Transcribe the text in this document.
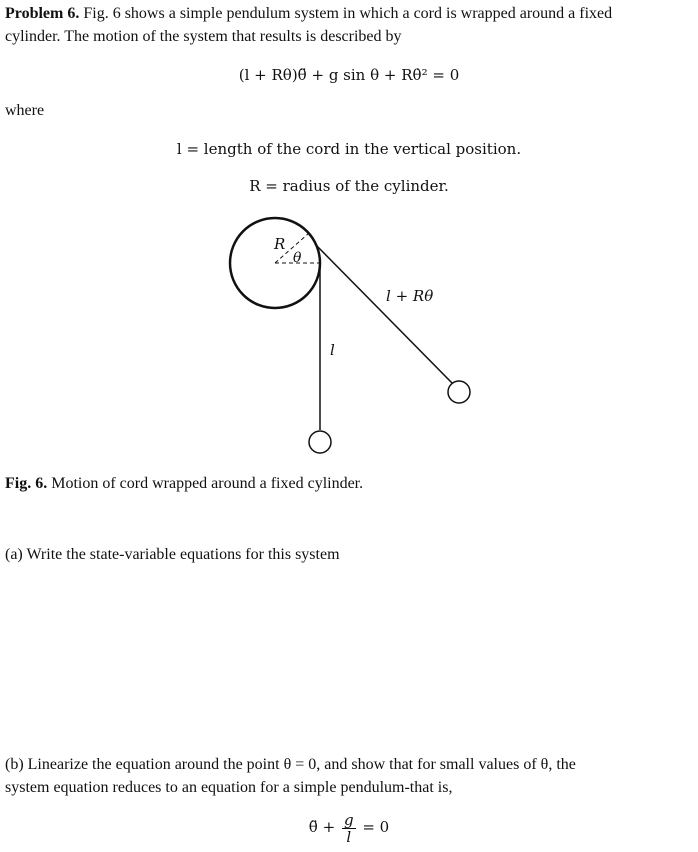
Problem 6. Fig. 6 shows a simple pendulum system in which a cord is wrapped around a fixed
cylinder. The motion of the system that results is described by
(l + Rθ)θ̈ + g sin θ + Rθ̇² = 0
where
l = length of the cord in the vertical position.
R = radius of the cylinder.
R
θ
l
l + Rθ
Fig. 6. Motion of cord wrapped around a fixed cylinder.
(a) Write the state-variable equations for this system
(b) Linearize the equation around the point θ = 0, and show that for small values of θ, the
system equation reduces to an equation for a simple pendulum-that is,
θ̈ + $\frac{g}{l} = 0$
